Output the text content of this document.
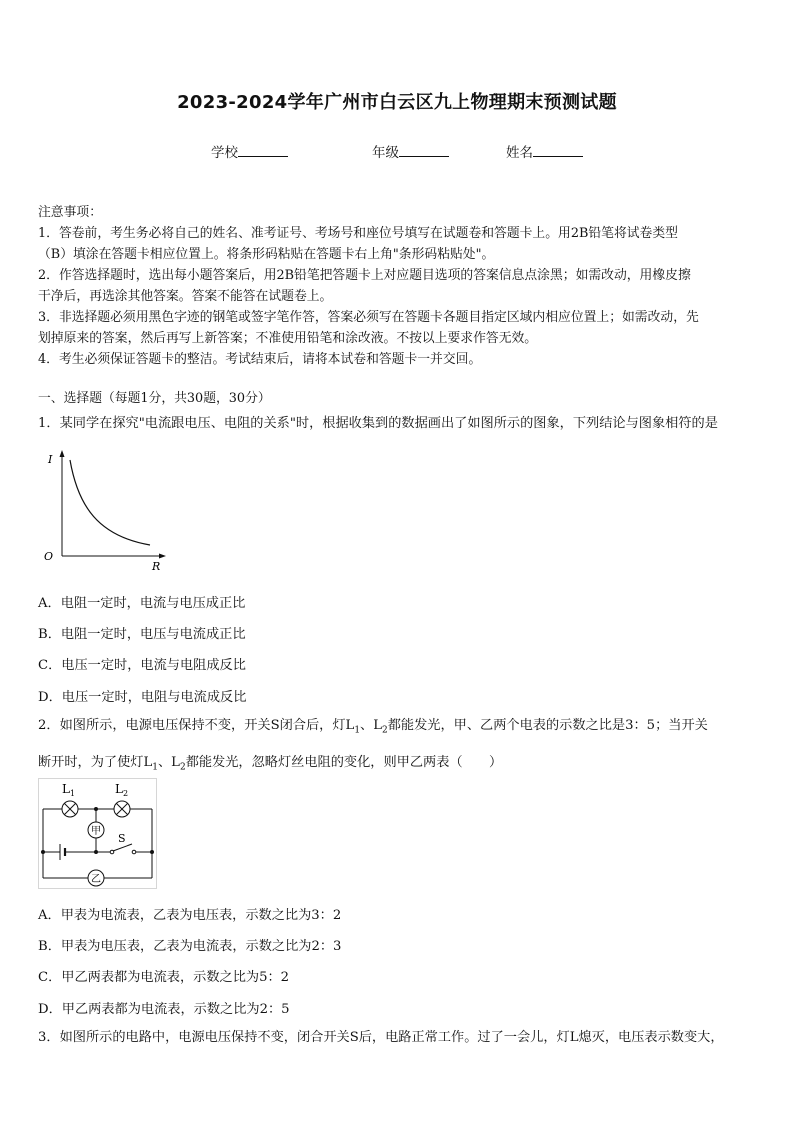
2023-2024学年广州市白云区九上物理期末预测试题
学校	年级	姓名
注意事项：
1．答卷前，考生务必将自己的姓名、准考证号、考场号和座位号填写在试题卷和答题卡上。用2B铅笔将试卷类型
（B）填涂在答题卡相应位置上。将条形码粘贴在答题卡右上角"条形码粘贴处"。
2．作答选择题时，选出每小题答案后，用2B铅笔把答题卡上对应题目选项的答案信息点涂黑；如需改动，用橡皮擦
干净后，再选涂其他答案。答案不能答在试题卷上。
3．非选择题必须用黑色字迹的钢笔或签字笔作答，答案必须写在答题卡各题目指定区域内相应位置上；如需改动，先
划掉原来的答案，然后再写上新答案；不准使用铅笔和涂改液。不按以上要求作答无效。
4．考生必须保证答题卡的整洁。考试结束后，请将本试卷和答题卡一并交回。
一、选择题（每题1分，共30题，30分）
1．某同学在探究"电流跟电压、电阻的关系"时，根据收集到的数据画出了如图所示的图象，下列结论与图象相符的是
I
R
O
A．电阻一定时，电流与电压成正比
B．电阻一定时，电压与电流成正比
C．电压一定时，电流与电阻成反比
D．电压一定时，电阻与电流成反比
2．如图所示，电源电压保持不变，开关S闭合后，灯$L_1$、$L_2$都能发光，甲、乙两个电表的示数之比是3：5；当开关
断开时，为了使灯$L_1$、$L_2$都能发光，忽略灯丝电阻的变化，则甲乙两表（　　）
$L_1$	$L_2$
甲
S
乙
A．甲表为电流表，乙表为电压表，示数之比为3：2
B．甲表为电压表，乙表为电流表，示数之比为2：3
C．甲乙两表都为电流表，示数之比为5：2
D．甲乙两表都为电流表，示数之比为2：5
3．如图所示的电路中，电源电压保持不变，闭合开关S后，电路正常工作。过了一会儿，灯L熄灭，电压表示数变大，
